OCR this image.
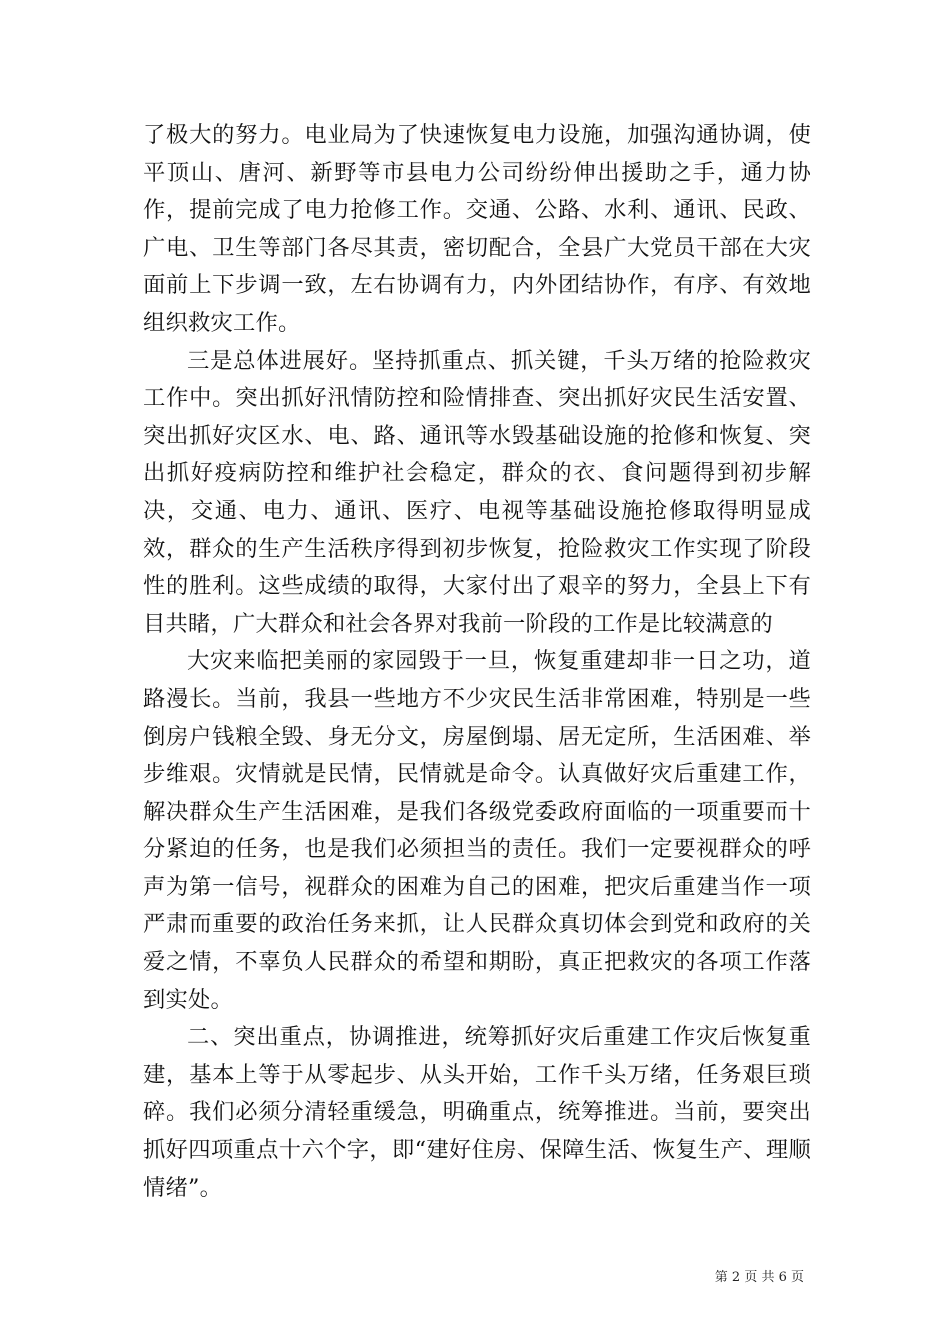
了极大的努力。电业局为了快速恢复电力设施，加强沟通协调，使平顶山、唐河、新野等市县电力公司纷纷伸出援助之手，通力协作，提前完成了电力抢修工作。交通、公路、水利、通讯、民政、广电、卫生等部门各尽其责，密切配合，全县广大党员干部在大灾面前上下步调一致，左右协调有力，内外团结协作，有序、有效地组织救灾工作。

三是总体进展好。坚持抓重点、抓关键，千头万绪的抢险救灾工作中。突出抓好汛情防控和险情排查、突出抓好灾民生活安置、突出抓好灾区水、电、路、通讯等水毁基础设施的抢修和恢复、突出抓好疫病防控和维护社会稳定，群众的衣、食问题得到初步解决，交通、电力、通讯、医疗、电视等基础设施抢修取得明显成效，群众的生产生活秩序得到初步恢复，抢险救灾工作实现了阶段性的胜利。这些成绩的取得，大家付出了艰辛的努力，全县上下有目共睹，广大群众和社会各界对我前一阶段的工作是比较满意的

大灾来临把美丽的家园毁于一旦，恢复重建却非一日之功，道路漫长。当前，我县一些地方不少灾民生活非常困难，特别是一些倒房户钱粮全毁、身无分文，房屋倒塌、居无定所，生活困难、举步维艰。灾情就是民情，民情就是命令。认真做好灾后重建工作，解决群众生产生活困难，是我们各级党委政府面临的一项重要而十分紧迫的任务，也是我们必须担当的责任。我们一定要视群众的呼声为第一信号，视群众的困难为自己的困难，把灾后重建当作一项严肃而重要的政治任务来抓，让人民群众真切体会到党和政府的关爱之情，不辜负人民群众的希望和期盼，真正把救灾的各项工作落到实处。

二、突出重点，协调推进，统筹抓好灾后重建工作灾后恢复重建，基本上等于从零起步、从头开始，工作千头万绪，任务艰巨琐碎。我们必须分清轻重缓急，明确重点，统筹推进。当前，要突出抓好四项重点十六个字，即“建好住房、保障生活、恢复生产、理顺情绪”。

第 2 页 共 6 页
